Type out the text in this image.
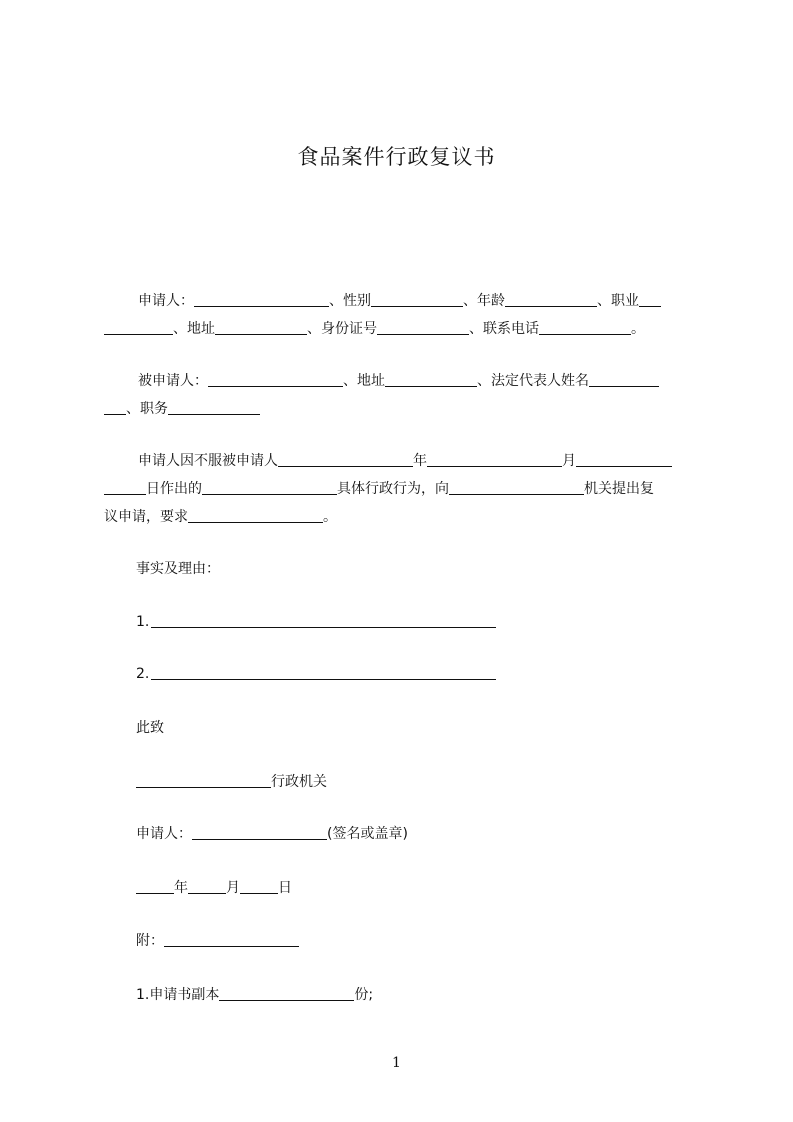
食品案件行政复议书
申请人：	、性别	、年龄	、职业
、地址	、身份证号	、联系电话	。
被申请人：	、地址	、法定代表人姓名
、职务
申请人因不服被申请人	年	月
日作出的	具体行政行为，向	机关提出复
议申请，要求	。
事实及理由：
1.
2.
此致
行政机关
申请人：	(签名或盖章)
年	月	日
附：
1.申请书副本	份;
1
